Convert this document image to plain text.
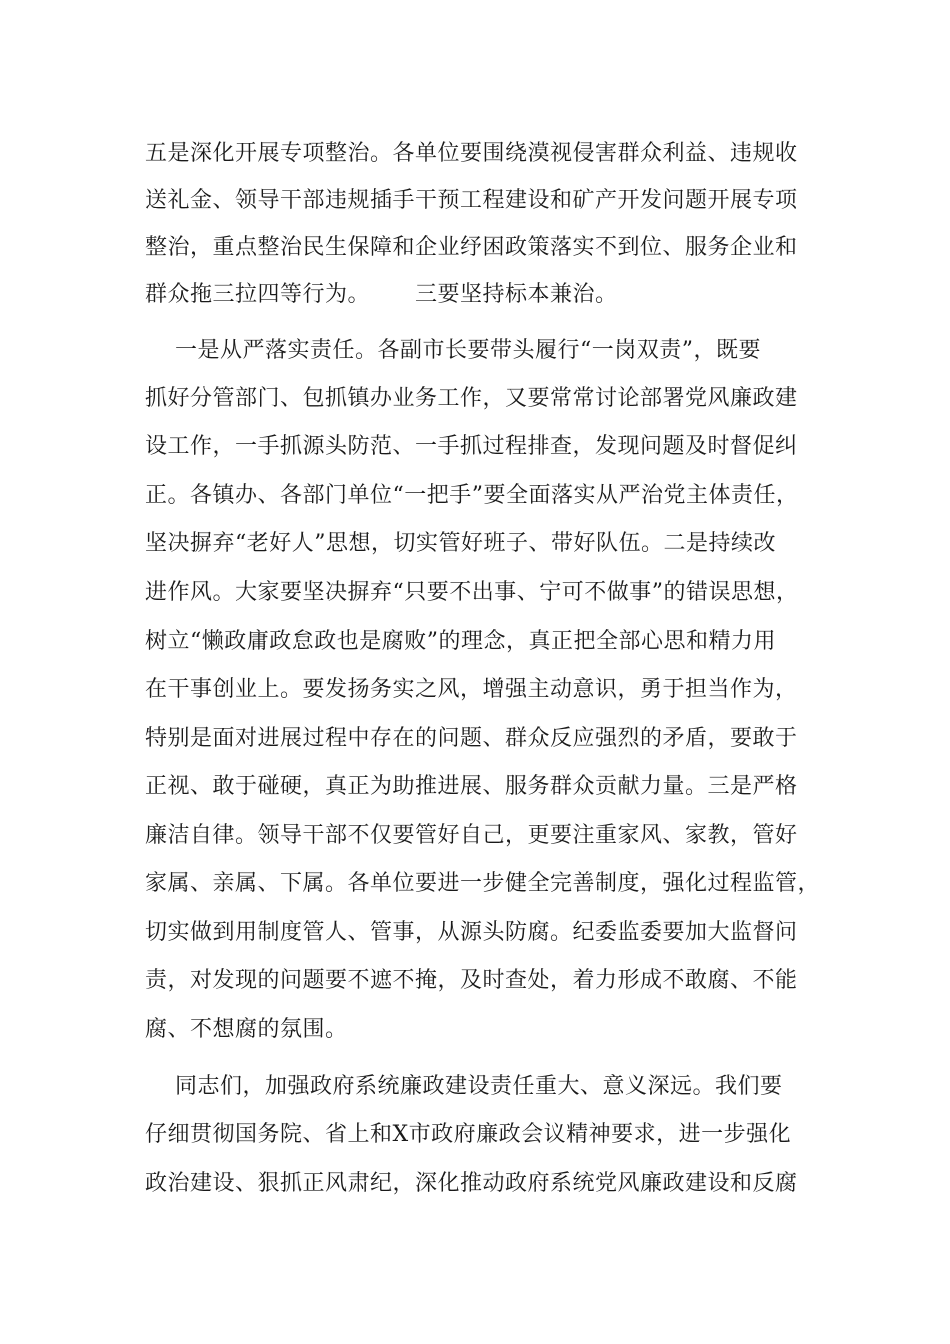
五是深化开展专项整治。各单位要围绕漠视侵害群众利益、违规收
送礼金、领导干部违规插手干预工程建设和矿产开发问题开展专项
整治，重点整治民生保障和企业纾困政策落实不到位、服务企业和
群众拖三拉四等行为。      三要坚持标本兼治。
一是从严落实责任。各副市长要带头履行“一岗双责”，既要
抓好分管部门、包抓镇办业务工作，又要常常讨论部署党风廉政建
设工作，一手抓源头防范、一手抓过程排查，发现问题及时督促纠
正。各镇办、各部门单位“一把手”要全面落实从严治党主体责任，
坚决摒弃“老好人”思想，切实管好班子、带好队伍。二是持续改
进作风。大家要坚决摒弃“只要不出事、宁可不做事”的错误思想，
树立“懒政庸政怠政也是腐败”的理念，真正把全部心思和精力用
在干事创业上。要发扬务实之风，增强主动意识，勇于担当作为，
特别是面对进展过程中存在的问题、群众反应强烈的矛盾，要敢于
正视、敢于碰硬，真正为助推进展、服务群众贡献力量。三是严格
廉洁自律。领导干部不仅要管好自己，更要注重家风、家教，管好
家属、亲属、下属。各单位要进一步健全完善制度，强化过程监管，
切实做到用制度管人、管事，从源头防腐。纪委监委要加大监督问
责，对发现的问题要不遮不掩，及时查处，着力形成不敢腐、不能
腐、不想腐的氛围。
同志们，加强政府系统廉政建设责任重大、意义深远。我们要
仔细贯彻国务院、省上和X市政府廉政会议精神要求，进一步强化
政治建设、狠抓正风肃纪，深化推动政府系统党风廉政建设和反腐
